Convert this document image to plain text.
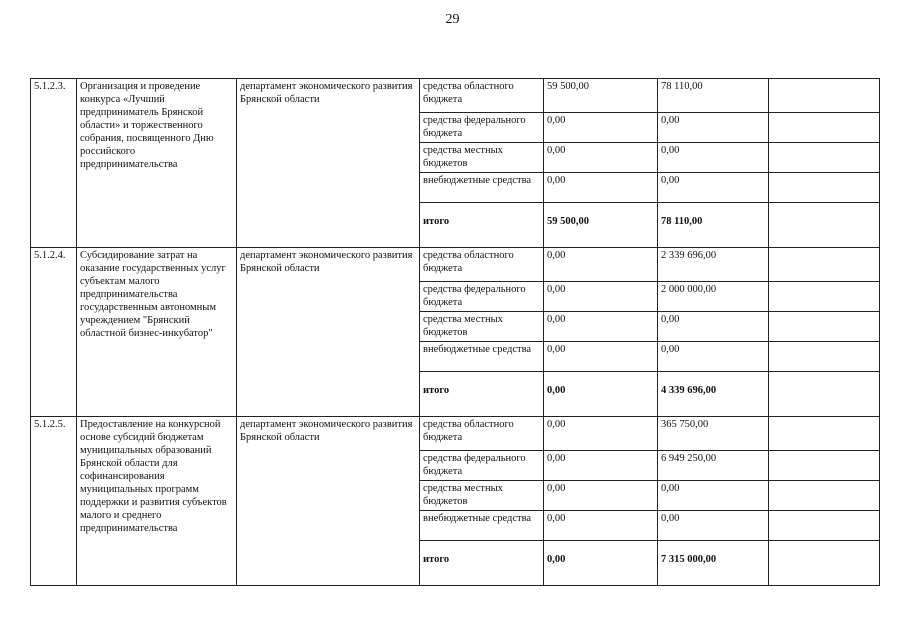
29
5.1.2.3.	Организация и проведение конкурса «Лучший предприниматель Брянской области» и торжественного собрания, посвященного Дню российского предпринимательства	департамент экономического развития Брянской области	средства областного бюджета	59 500,00	78 110,00	
			средства федерального бюджета	0,00	0,00	
			средства местных бюджетов	0,00	0,00	
			внебюджетные средства	0,00	0,00	
			итого	59 500,00	78 110,00	
5.1.2.4.	Субсидирование затрат на оказание государственных услуг субъектам малого предпринимательства государственным автономным учреждением "Брянский областной бизнес-инкубатор"	департамент экономического развития Брянской области	средства областного бюджета	0,00	2 339 696,00	
			средства федерального бюджета	0,00	2 000 000,00	
			средства местных бюджетов	0,00	0,00	
			внебюджетные средства	0,00	0,00	
			итого	0,00	4 339 696,00	
5.1.2.5.	Предоставление на конкурсной основе субсидий бюджетам муниципальных образований Брянской области для софинансирования муниципальных программ поддержки и развития субъектов малого и среднего предпринимательства	департамент экономического развития Брянской области	средства областного бюджета	0,00	365 750,00	
			средства федерального бюджета	0,00	6 949 250,00	
			средства местных бюджетов	0,00	0,00	
			внебюджетные средства	0,00	0,00	
			итого	0,00	7 315 000,00	
